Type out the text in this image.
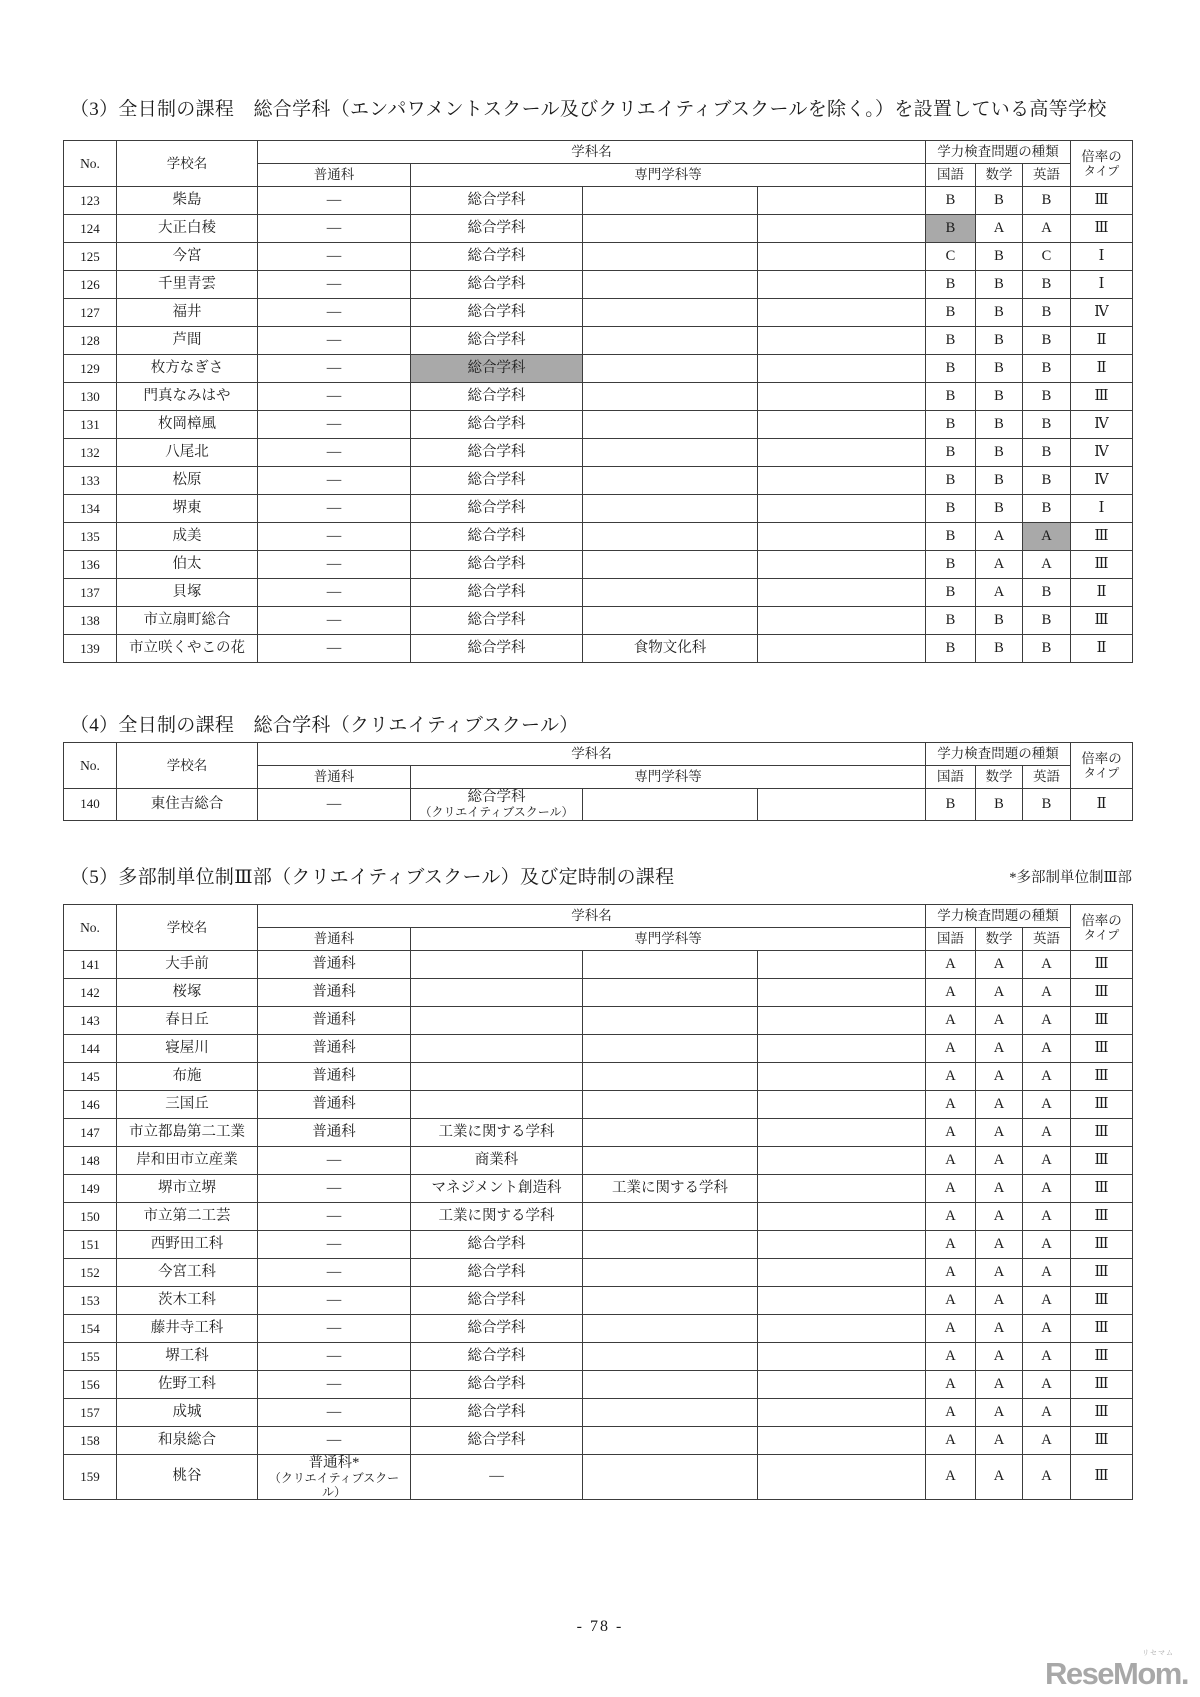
（3）全日制の課程　総合学科（エンパワメントスクール及びクリエイティブスクールを除く。）を設置している高等学校
No.	学校名	学科名				学力検査問題の種類			倍率の
タイプ

		普通科	専門学科等			国語	数学	英語	
123	柴島	—	総合学科			B	B	B	Ⅲ
124	大正白稜	—	総合学科			B	A	A	Ⅲ
125	今宮	—	総合学科			C	B	C	Ⅰ
126	千里青雲	—	総合学科			B	B	B	Ⅰ
127	福井	—	総合学科			B	B	B	Ⅳ
128	芦間	—	総合学科			B	B	B	Ⅱ
129	枚方なぎさ	—	総合学科			B	B	B	Ⅱ
130	門真なみはや	—	総合学科			B	B	B	Ⅲ
131	枚岡樟風	—	総合学科			B	B	B	Ⅳ
132	八尾北	—	総合学科			B	B	B	Ⅳ
133	松原	—	総合学科			B	B	B	Ⅳ
134	堺東	—	総合学科			B	B	B	Ⅰ
135	成美	—	総合学科			B	A	A	Ⅲ
136	伯太	—	総合学科			B	A	A	Ⅲ
137	貝塚	—	総合学科			B	A	B	Ⅱ
138	市立扇町総合	—	総合学科			B	B	B	Ⅲ
139	市立咲くやこの花	—	総合学科	食物文化科		B	B	B	Ⅱ
（4）全日制の課程　総合学科（クリエイティブスクール）
No.	学校名	学科名				学力検査問題の種類			倍率の
タイプ

		普通科	専門学科等			国語	数学	英語	
140	東住吉総合	—	総合学科
（クリエイティブスクール）			B	B	B	Ⅱ
（5）多部制単位制Ⅲ部（クリエイティブスクール）及び定時制の課程	*多部制単位制Ⅲ部
No.	学校名	学科名				学力検査問題の種類			倍率の
タイプ

		普通科	専門学科等			国語	数学	英語	
141	大手前	普通科				A	A	A	Ⅲ
142	桜塚	普通科				A	A	A	Ⅲ
143	春日丘	普通科				A	A	A	Ⅲ
144	寝屋川	普通科				A	A	A	Ⅲ
145	布施	普通科				A	A	A	Ⅲ
146	三国丘	普通科				A	A	A	Ⅲ
147	市立都島第二工業	普通科	工業に関する学科			A	A	A	Ⅲ
148	岸和田市立産業	—	商業科			A	A	A	Ⅲ
149	堺市立堺	—	マネジメント創造科	工業に関する学科		A	A	A	Ⅲ
150	市立第二工芸	—	工業に関する学科			A	A	A	Ⅲ
151	西野田工科	—	総合学科			A	A	A	Ⅲ
152	今宮工科	—	総合学科			A	A	A	Ⅲ
153	茨木工科	—	総合学科			A	A	A	Ⅲ
154	藤井寺工科	—	総合学科			A	A	A	Ⅲ
155	堺工科	—	総合学科			A	A	A	Ⅲ
156	佐野工科	—	総合学科			A	A	A	Ⅲ
157	成城	—	総合学科			A	A	A	Ⅲ
158	和泉総合	—	総合学科			A	A	A	Ⅲ
159	桃谷	普通科*
（クリエイティブスクール）	—			A	A	A	Ⅲ
- 78 -
リセマム
ReseMom.
